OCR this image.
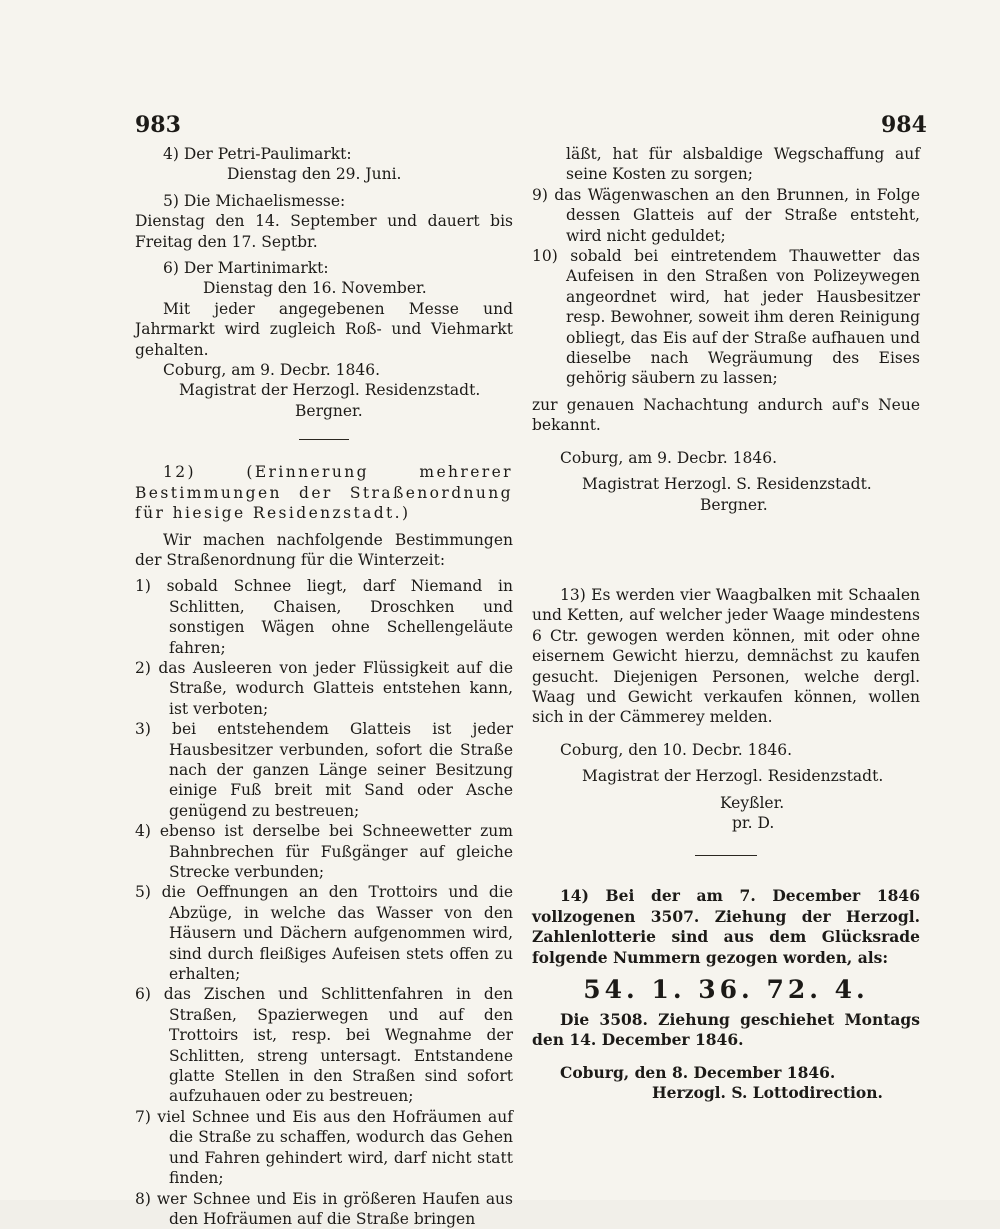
983	984

4) Der Petri-Paulimarkt:

Dienstag den 29. Juni.

5) Die Michaelismesse:

Dienstag den 14. September und dauert bis Freitag den 17. Septbr.

6) Der Martinimarkt:

Dienstag den 16. November.

Mit jeder angegebenen Messe und Jahrmarkt wird zugleich Roß- und Viehmarkt gehalten.

Coburg, am 9. Decbr. 1846.

Magistrat der Herzogl. Residenzstadt.

Bergner.

12) (Erinnerung mehrerer Bestimmungen der Straßenordnung für hiesige Residenzstadt.)

Wir machen nachfolgende Bestimmungen der Straßenordnung für die Winterzeit:

1) sobald Schnee liegt, darf Niemand in Schlitten, Chaisen, Droschken und sonstigen Wägen ohne Schellengeläute fahren;

2) das Ausleeren von jeder Flüssigkeit auf die Straße, wodurch Glatteis entstehen kann, ist verboten;

3) bei entstehendem Glatteis ist jeder Hausbesitzer verbunden, sofort die Straße nach der ganzen Länge seiner Besitzung einige Fuß breit mit Sand oder Asche genügend zu bestreuen;

4) ebenso ist derselbe bei Schneewetter zum Bahnbrechen für Fußgänger auf gleiche Strecke verbunden;

5) die Oeffnungen an den Trottoirs und die Abzüge, in welche das Wasser von den Häusern und Dächern aufgenommen wird, sind durch fleißiges Aufeisen stets offen zu erhalten;

6) das Zischen und Schlittenfahren in den Straßen, Spazierwegen und auf den Trottoirs ist, resp. bei Wegnahme der Schlitten, streng untersagt. Entstandene glatte Stellen in den Straßen sind sofort aufzuhauen oder zu bestreuen;

7) viel Schnee und Eis aus den Hofräumen auf die Straße zu schaffen, wodurch das Gehen und Fahren gehindert wird, darf nicht statt finden;

8) wer Schnee und Eis in größeren Haufen aus den Hofräumen auf die Straße bringen

läßt, hat für alsbaldige Wegschaffung auf seine Kosten zu sorgen;

9) das Wägenwaschen an den Brunnen, in Folge dessen Glatteis auf der Straße entsteht, wird nicht geduldet;

10) sobald bei eintretendem Thauwetter das Aufeisen in den Straßen von Polizeywegen angeordnet wird, hat jeder Hausbesitzer resp. Bewohner, soweit ihm deren Reinigung obliegt, das Eis auf der Straße aufhauen und dieselbe nach Wegräumung des Eises gehörig säubern zu lassen;

zur genauen Nachachtung andurch auf's Neue bekannt.

Coburg, am 9. Decbr. 1846.

Magistrat Herzogl. S. Residenzstadt.

Bergner.

13) Es werden vier Waagbalken mit Schaalen und Ketten, auf welcher jeder Waage mindestens 6 Ctr. gewogen werden können, mit oder ohne eisernem Gewicht hierzu, demnächst zu kaufen gesucht. Diejenigen Personen, welche dergl. Waag und Gewicht verkaufen können, wollen sich in der Cämmerey melden.

Coburg, den 10. Decbr. 1846.

Magistrat der Herzogl. Residenzstadt.

Keyßler.

pr. D.

14) Bei der am 7. December 1846 vollzogenen 3507. Ziehung der Herzogl. Zahlenlotterie sind aus dem Glücksrade folgende Nummern gezogen worden, als:

54. 1. 36. 72. 4.

Die 3508. Ziehung geschiehet Montags den 14. December 1846.

Coburg, den 8. December 1846.

Herzogl. S. Lottodirection.
